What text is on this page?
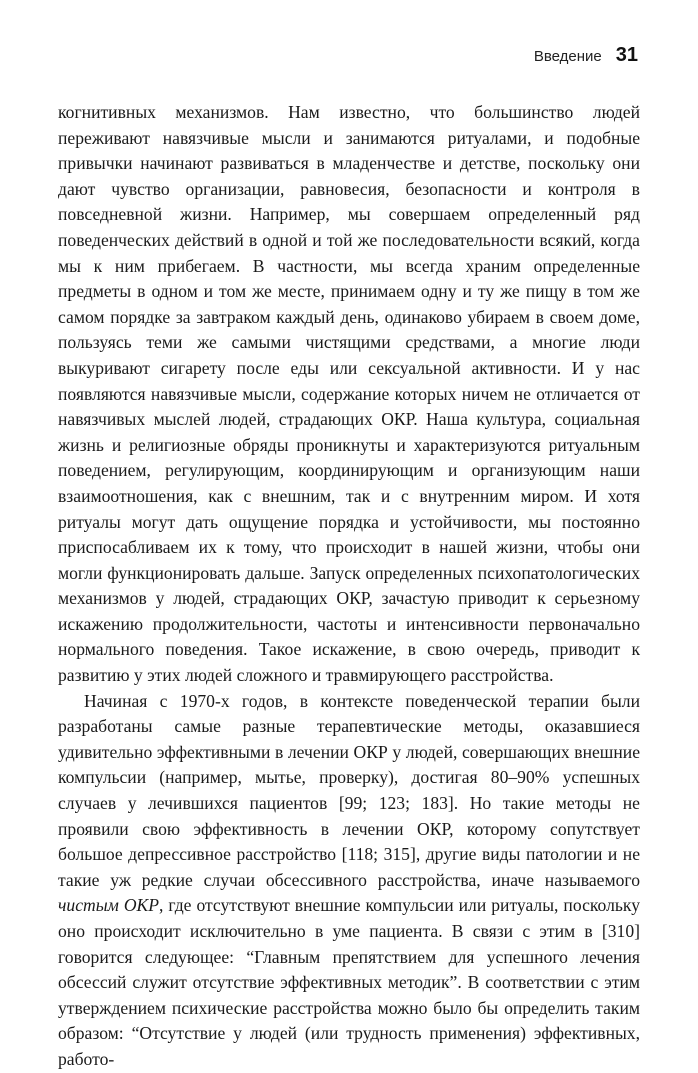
Введение 31

когнитивных механизмов. Нам известно, что большинство людей переживают навязчивые мысли и занимаются ритуалами, и подобные привычки начинают развиваться в младенчестве и детстве, поскольку они дают чувство организации, равновесия, безопасности и контроля в повседневной жизни. Например, мы совершаем определенный ряд поведенческих действий в одной и той же последовательности всякий, когда мы к ним прибегаем. В частности, мы всегда храним определенные предметы в одном и том же месте, принимаем одну и ту же пищу в том же самом порядке за завтраком каждый день, одинаково убираем в своем доме, пользуясь теми же самыми чистящими средствами, а многие люди выкуривают сигарету после еды или сексуальной активности. И у нас появляются навязчивые мысли, содержание которых ничем не отличается от навязчивых мыслей людей, страдающих ОКР. Наша культура, социальная жизнь и религиозные обряды проникнуты и характеризуются ритуальным поведением, регулирующим, координирующим и организующим наши взаимоотношения, как с внешним, так и с внутренним миром. И хотя ритуалы могут дать ощущение порядка и устойчивости, мы постоянно приспосабливаем их к тому, что происходит в нашей жизни, чтобы они могли функционировать дальше. Запуск определенных психопатологических механизмов у людей, страдающих ОКР, зачастую приводит к серьезному искажению продолжительности, частоты и интенсивности первоначально нормального поведения. Такое искажение, в свою очередь, приводит к развитию у этих людей сложного и травмирующего расстройства.

Начиная с 1970-х годов, в контексте поведенческой терапии были разработаны самые разные терапевтические методы, оказавшиеся удивительно эффективными в лечении ОКР у людей, совершающих внешние компульсии (например, мытье, проверку), достигая 80–90% успешных случаев у лечившихся пациентов [99; 123; 183]. Но такие методы не проявили свою эффективность в лечении ОКР, которому сопутствует большое депрессивное расстройство [118; 315], другие виды патологии и не такие уж редкие случаи обсессивного расстройства, иначе называемого чистым ОКР, где отсутствуют внешние компульсии или ритуалы, поскольку оно происходит исключительно в уме пациента. В связи с этим в [310] говорится следующее: “Главным препятствием для успешного лечения обсессий служит отсутствие эффективных методик”. В соответствии с этим утверждением психические расстройства можно было бы определить таким образом: “Отсутствие у людей (или трудность применения) эффективных, работо-
